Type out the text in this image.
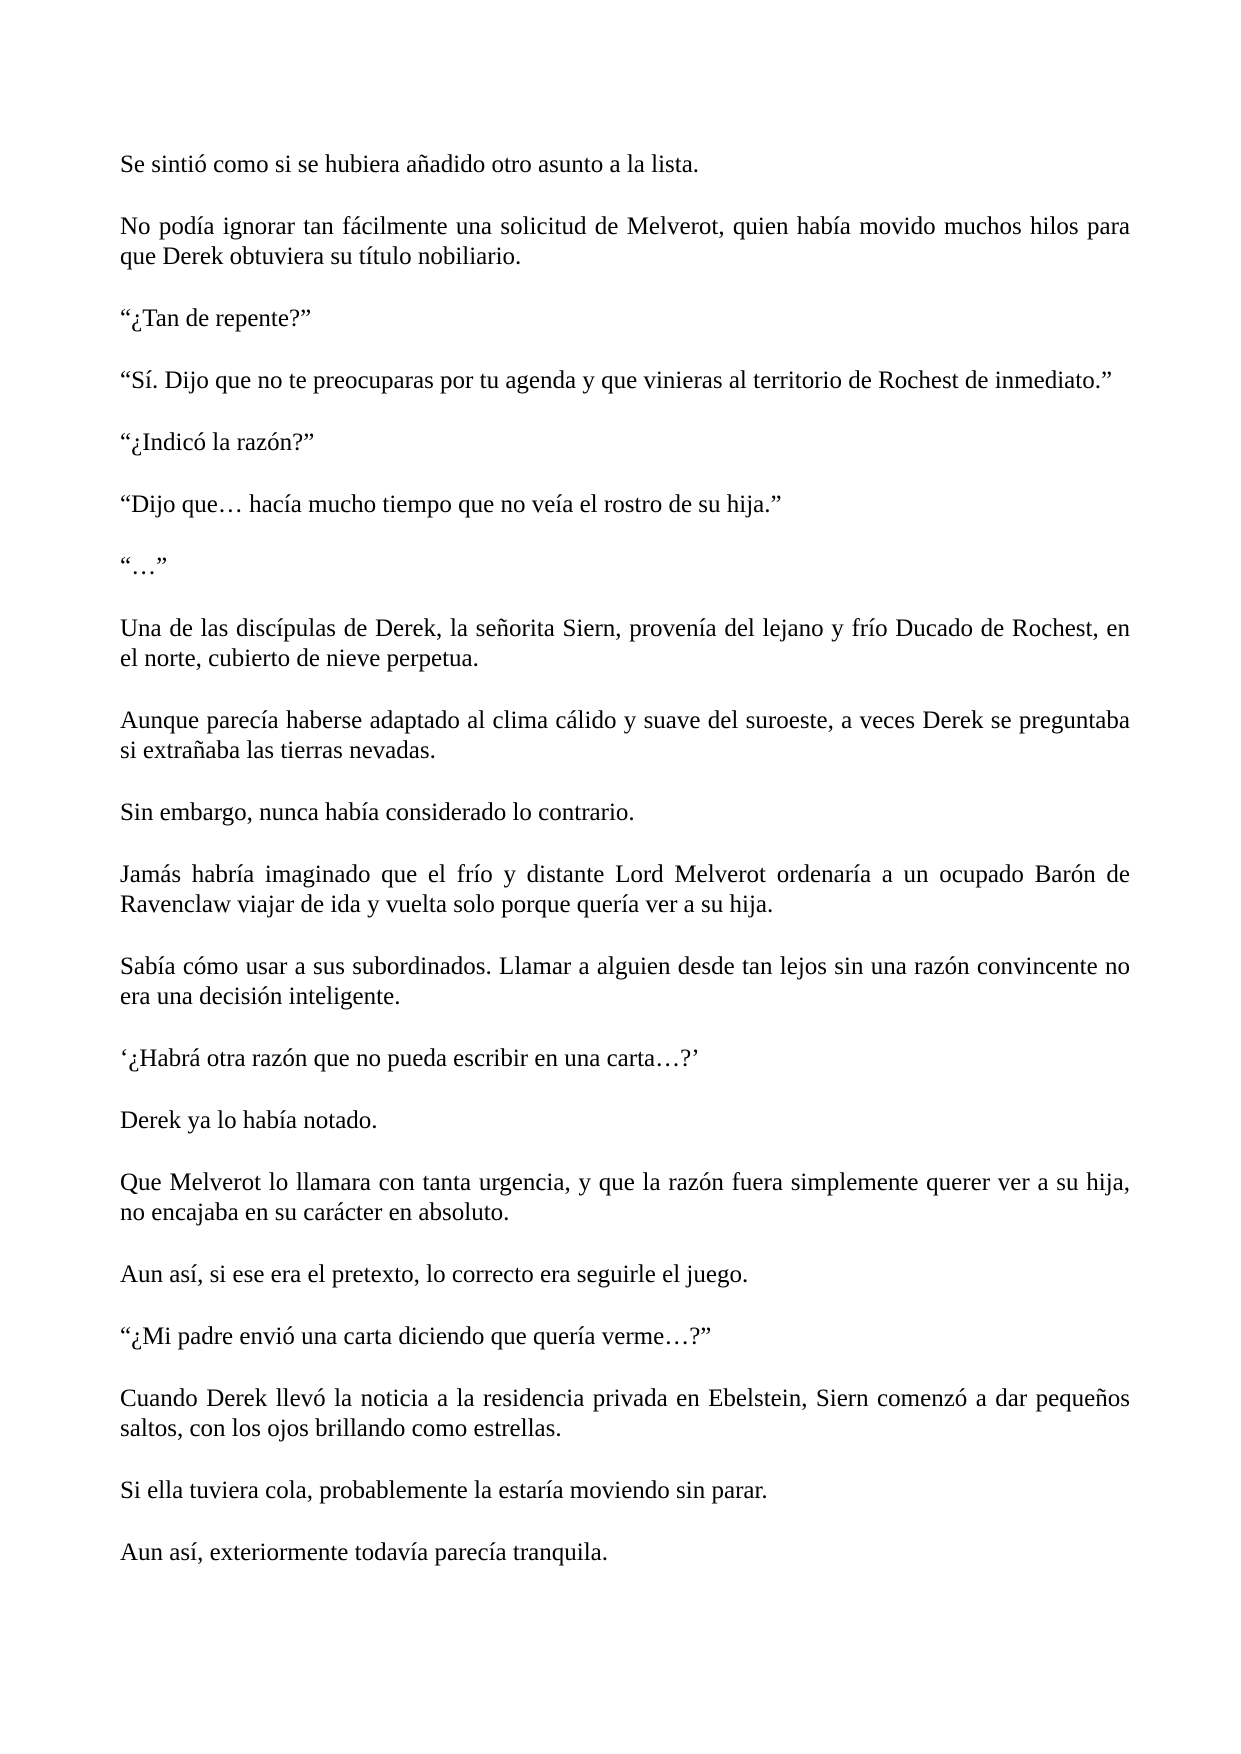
Se sintió como si se hubiera añadido otro asunto a la lista.

No podía ignorar tan fácilmente una solicitud de Melverot, quien había movido muchos hilos para que Derek obtuviera su título nobiliario.

“¿Tan de repente?”

“Sí. Dijo que no te preocuparas por tu agenda y que vinieras al territorio de Rochest de inmediato.”

“¿Indicó la razón?”

“Dijo que… hacía mucho tiempo que no veía el rostro de su hija.”

“…”

Una de las discípulas de Derek, la señorita Siern, provenía del lejano y frío Ducado de Rochest, en el norte, cubierto de nieve perpetua.

Aunque parecía haberse adaptado al clima cálido y suave del suroeste, a veces Derek se preguntaba si extrañaba las tierras nevadas.

Sin embargo, nunca había considerado lo contrario.

Jamás habría imaginado que el frío y distante Lord Melverot ordenaría a un ocupado Barón de Ravenclaw viajar de ida y vuelta solo porque quería ver a su hija.

Sabía cómo usar a sus subordinados. Llamar a alguien desde tan lejos sin una razón convincente no era una decisión inteligente.

‘¿Habrá otra razón que no pueda escribir en una carta…?’

Derek ya lo había notado.

Que Melverot lo llamara con tanta urgencia, y que la razón fuera simplemente querer ver a su hija, no encajaba en su carácter en absoluto.

Aun así, si ese era el pretexto, lo correcto era seguirle el juego.

“¿Mi padre envió una carta diciendo que quería verme…?”

Cuando Derek llevó la noticia a la residencia privada en Ebelstein, Siern comenzó a dar pequeños saltos, con los ojos brillando como estrellas.

Si ella tuviera cola, probablemente la estaría moviendo sin parar.

Aun así, exteriormente todavía parecía tranquila.
